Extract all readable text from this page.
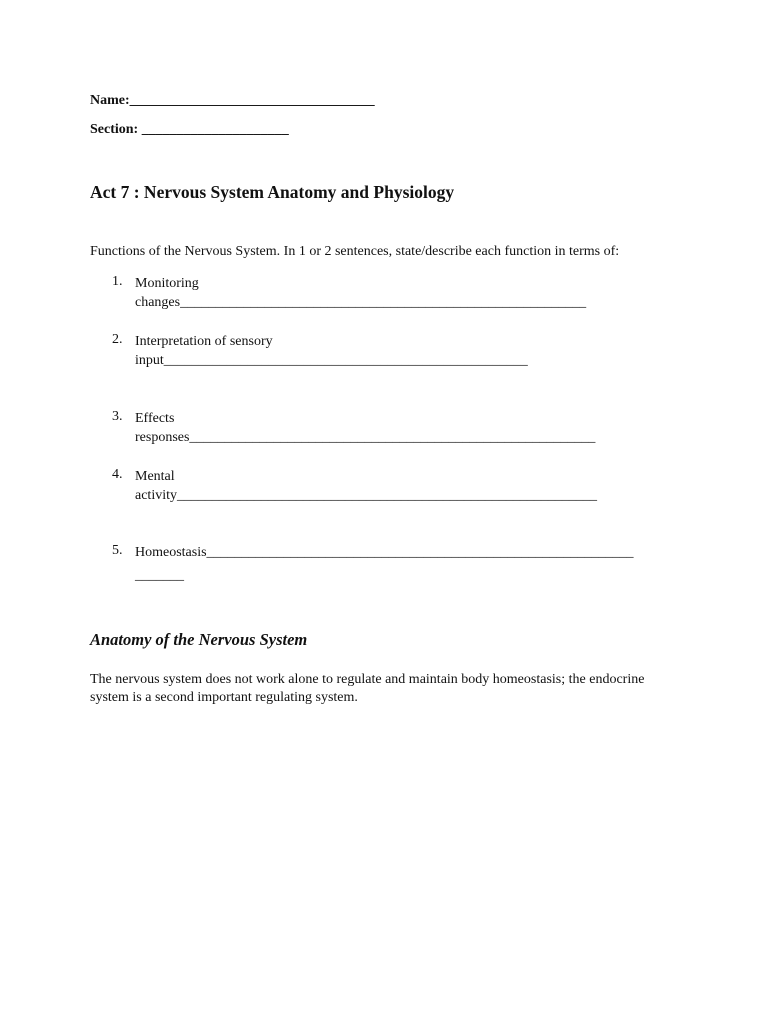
Name:___________________________________
Section: _____________________
Act 7 : Nervous System Anatomy and Physiology
Functions of the Nervous System. In 1 or 2 sentences, state/describe each function in terms of:
1. Monitoring
changes__________________________________________________________
2. Interpretation of sensory
input____________________________________________________
3. Effects
responses__________________________________________________________
4. Mental
activity____________________________________________________________
5. Homeostasis_____________________________________________________________
_______
Anatomy of the Nervous System

The nervous system does not work alone to regulate and maintain body homeostasis; the endocrine system is a second important regulating system.
